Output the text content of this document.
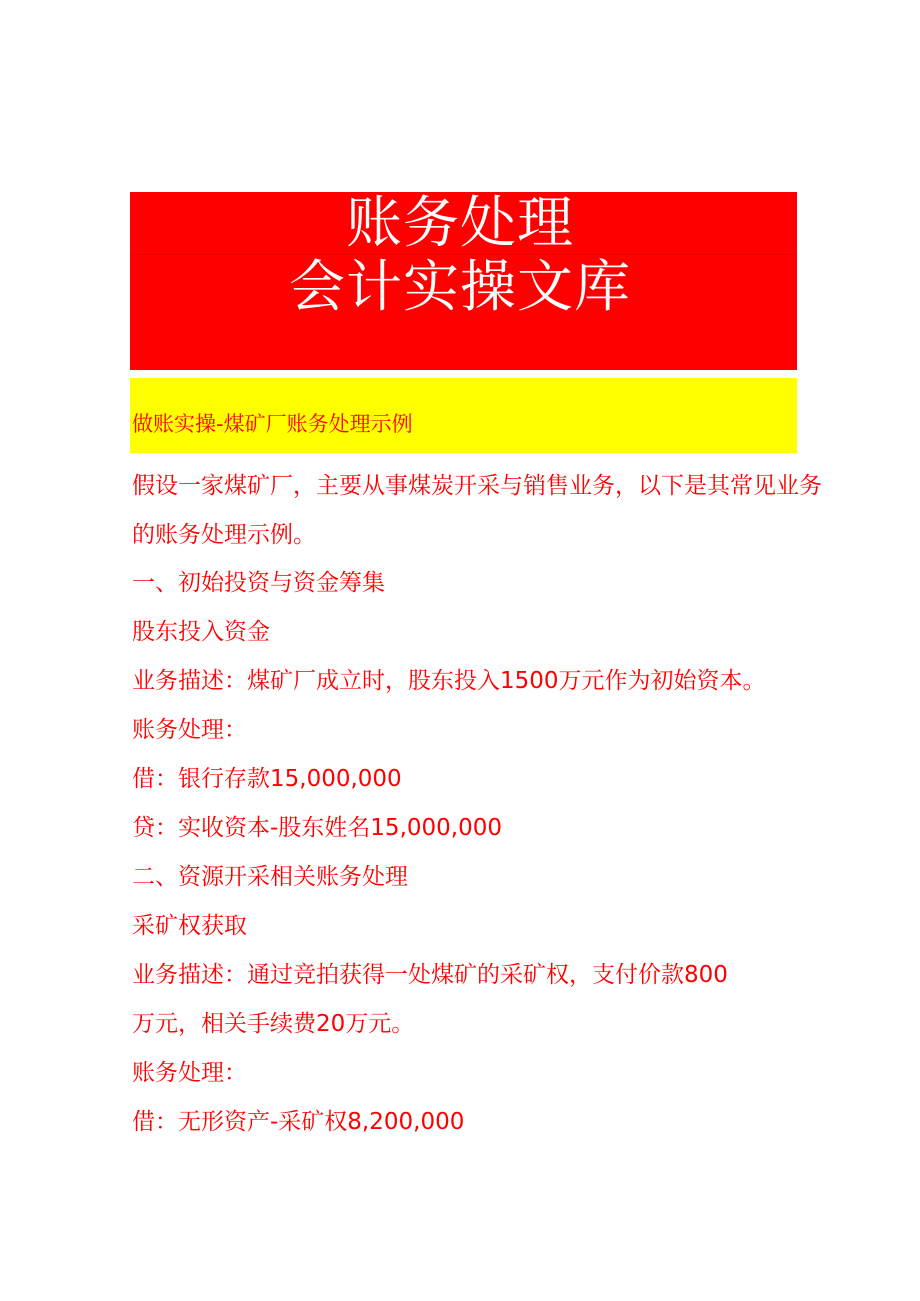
账务处理
会计实操文库
做账实操-煤矿厂账务处理示例
假设一家煤矿厂，主要从事煤炭开采与销售业务，以下是其常见业务
的账务处理示例。
一、初始投资与资金筹集
股东投入资金
业务描述：煤矿厂成立时，股东投入1500万元作为初始资本。
账务处理：
借：银行存款15,000,000
贷：实收资本-股东姓名15,000,000
二、资源开采相关账务处理
采矿权获取
业务描述：通过竞拍获得一处煤矿的采矿权，支付价款800
万元，相关手续费20万元。
账务处理：
借：无形资产-采矿权8,200,000
